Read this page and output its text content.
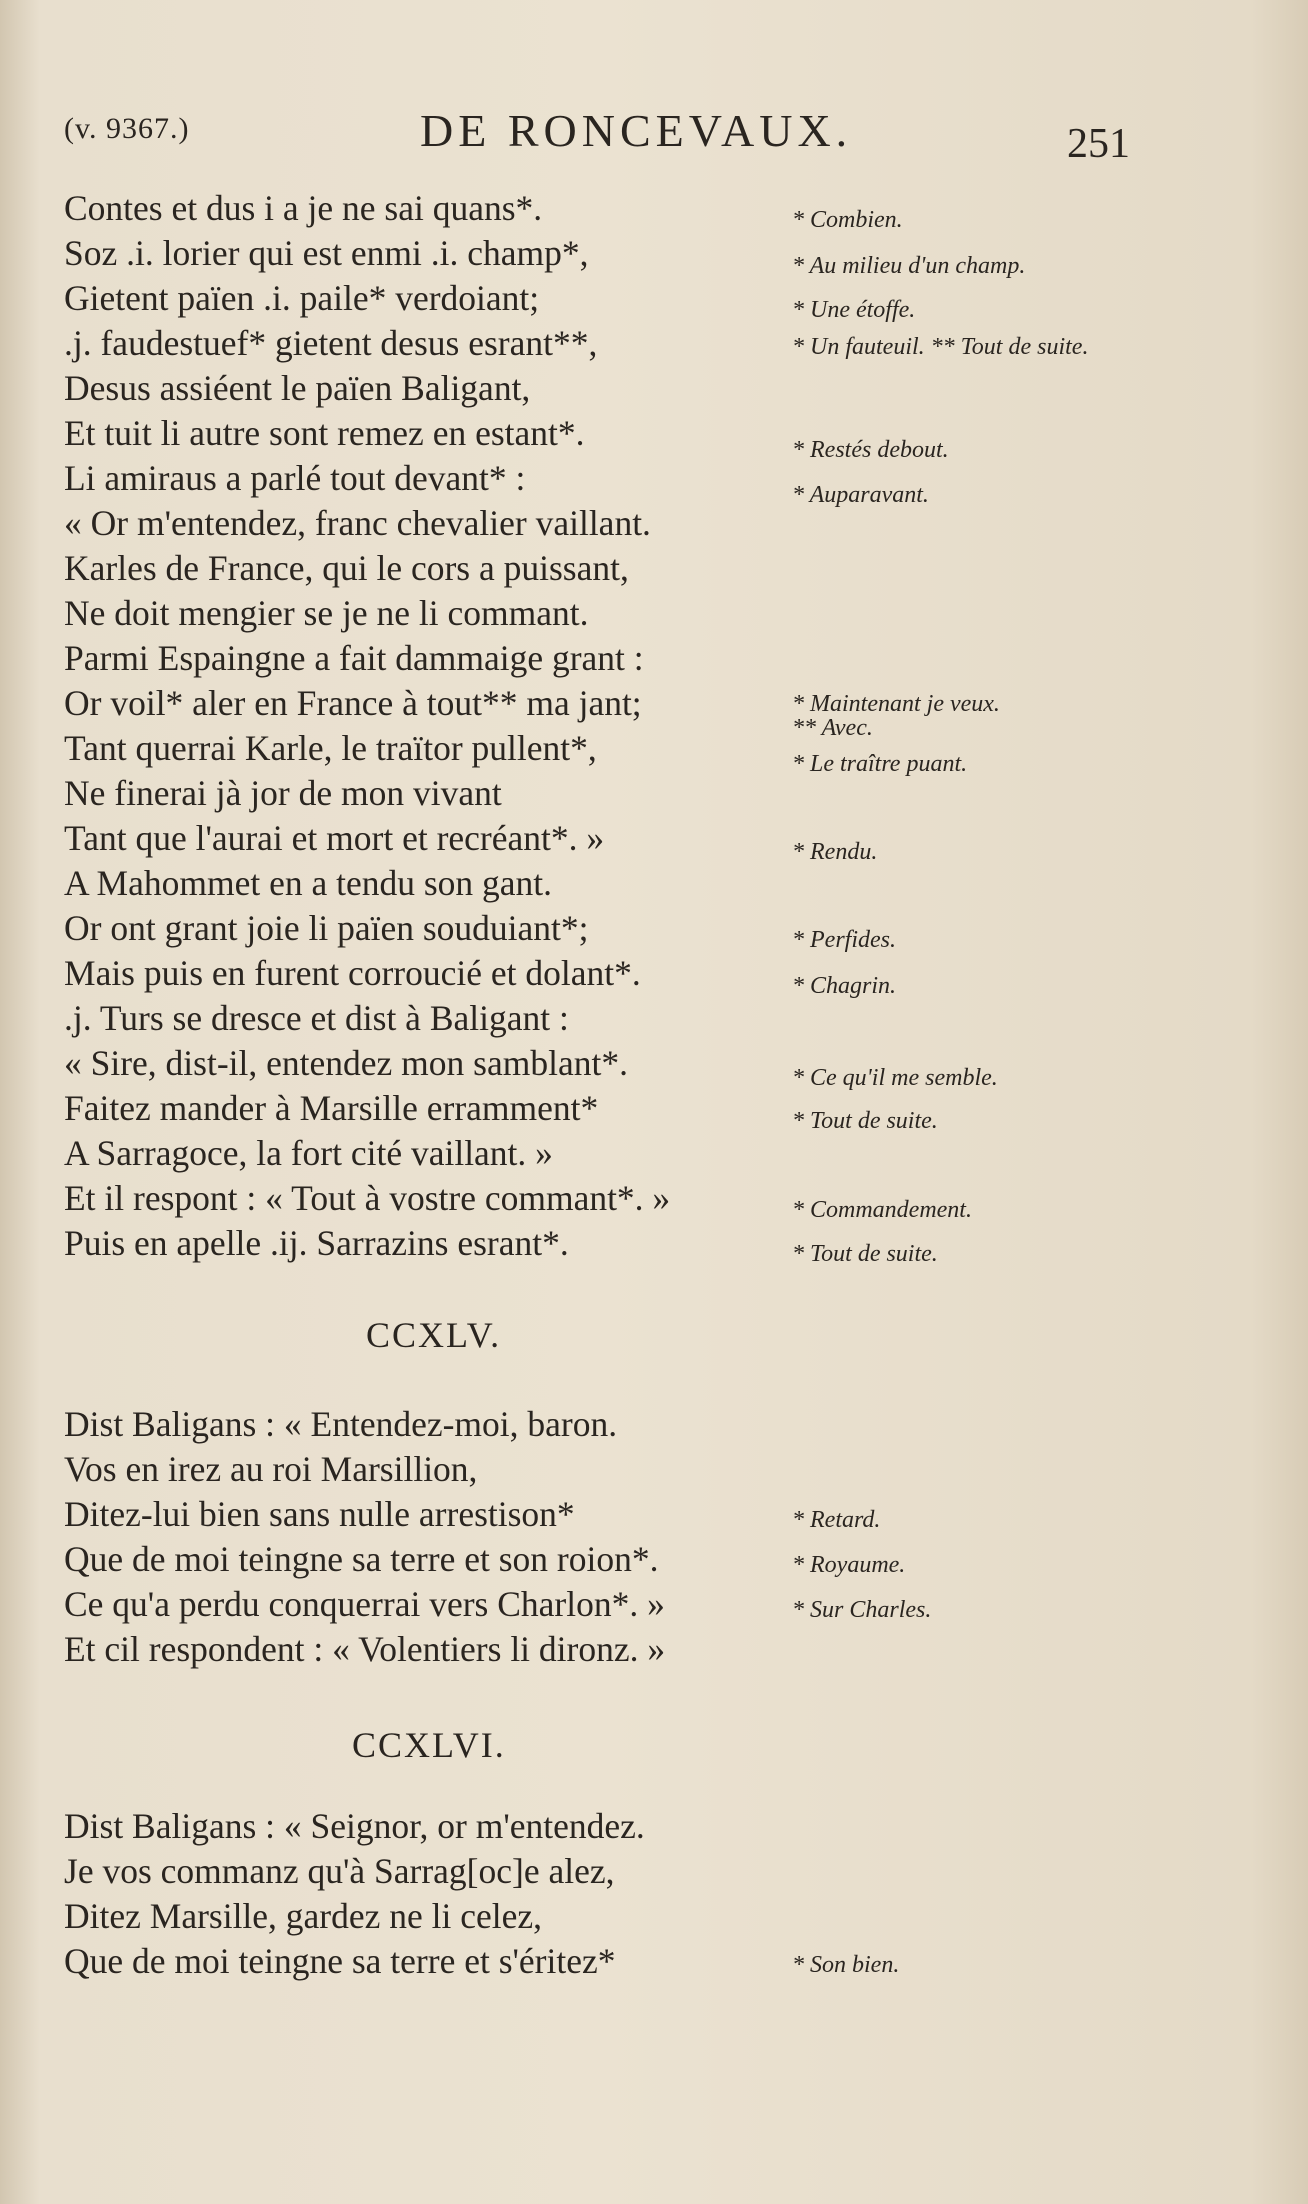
(v. 9367.)	DE RONCEVAUX.	251
Contes et dus i a je ne sai quans*.
Soz .i. lorier qui est enmi .i. champ*,
Gietent païen .i. paile* verdoiant;
.j. faudestuef* gietent desus esrant**,
Desus assiéent le païen Baligant,
Et tuit li autre sont remez en estant*.
Li amiraus a parlé tout devant* :
« Or m'entendez, franc chevalier vaillant.
Karles de France, qui le cors a puissant,
Ne doit mengier se je ne li commant.
Parmi Espaingne a fait dammaige grant :
Or voil* aler en France à tout** ma jant;
Tant querrai Karle, le traïtor pullent*,
Ne finerai jà jor de mon vivant
Tant que l'aurai et mort et recréant*. »
A Mahommet en a tendu son gant.
Or ont grant joie li païen souduiant*;
Mais puis en furent corroucié et dolant*.
.j. Turs se dresce et dist à Baligant :
« Sire, dist-il, entendez mon samblant*.
Faitez mander à Marsille erramment*
A Sarragoce, la fort cité vaillant. »
Et il respont : « Tout à vostre commant*. »
Puis en apelle .ij. Sarrazins esrant*.
* Combien.
* Au milieu d'un champ.
* Une étoffe.
* Un fauteuil. ** Tout de suite.
* Restés debout.
* Auparavant.
* Maintenant je veux.
** Avec.
* Le traître puant.
* Rendu.
* Perfides.
* Chagrin.
* Ce qu'il me semble.
* Tout de suite.
* Commandement.
* Tout de suite.
CCXLV.
Dist Baligans : « Entendez-moi, baron.
Vos en irez au roi Marsillion,
Ditez-lui bien sans nulle arrestison*
Que de moi teingne sa terre et son roion*.
Ce qu'a perdu conquerrai vers Charlon*. »
Et cil respondent : « Volentiers li dironz. »
* Retard.
* Royaume.
* Sur Charles.
CCXLVI.
Dist Baligans : « Seignor, or m'entendez.
Je vos commanz qu'à Sarrag[oc]e alez,
Ditez Marsille, gardez ne li celez,
Que de moi teingne sa terre et s'éritez*	* Son bien.
